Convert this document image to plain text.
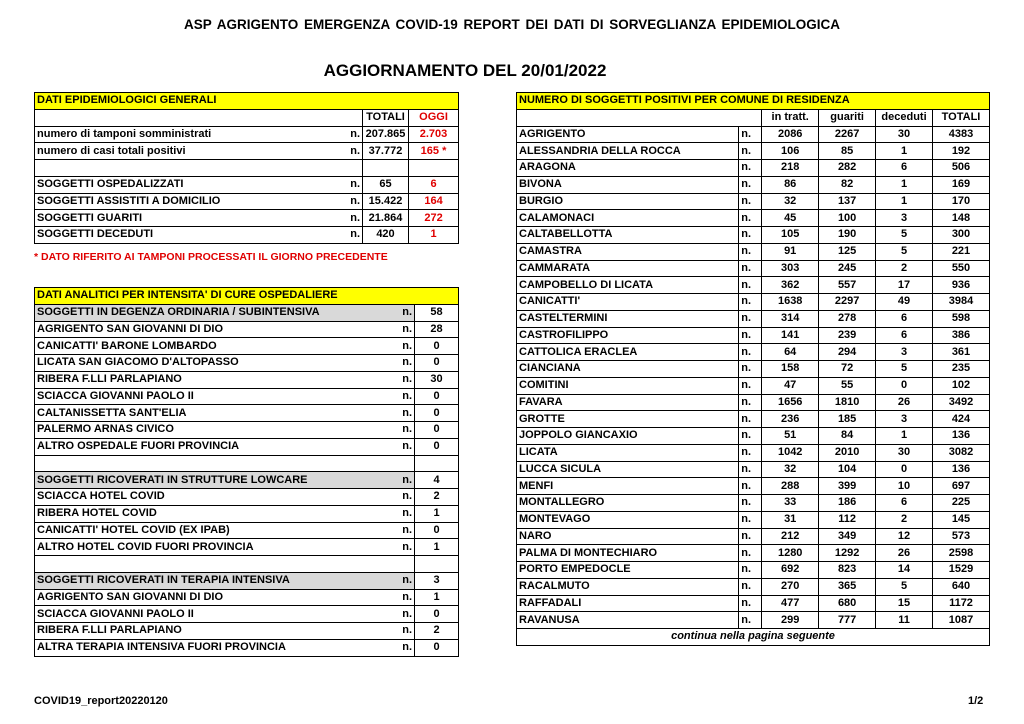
ASP AGRIGENTO EMERGENZA COVID-19 REPORT DEI DATI DI SORVEGLIANZA EPIDEMIOLOGICA
AGGIORNAMENTO DEL 20/01/2022
DATI EPIDEMIOLOGICI GENERALI			
		TOTALI	OGGI
numero di tamponi somministrati	n.	207.865	2.703
numero di casi totali positivi	n.	37.772	165 *

SOGGETTI OSPEDALIZZATI	n.	65	6
SOGGETTI ASSISTITI A DOMICILIO	n.	15.422	164
SOGGETTI GUARITI	n.	21.864	272
SOGGETTI DECEDUTI	n.	420	1
* DATO RIFERITO AI TAMPONI PROCESSATI IL GIORNO PRECEDENTE
DATI ANALITICI PER INTENSITA' DI CURE OSPEDALIERE		
SOGGETTI IN DEGENZA ORDINARIA / SUBINTENSIVA	n.	58
AGRIGENTO SAN GIOVANNI DI DIO	n.	28
CANICATTI' BARONE LOMBARDO	n.	0
LICATA SAN GIACOMO D'ALTOPASSO	n.	0
RIBERA F.LLI PARLAPIANO	n.	30
SCIACCA GIOVANNI PAOLO II	n.	0
CALTANISSETTA SANT'ELIA	n.	0
PALERMO ARNAS CIVICO	n.	0
ALTRO OSPEDALE FUORI PROVINCIA	n.	0

SOGGETTI RICOVERATI IN STRUTTURE LOWCARE	n.	4
SCIACCA HOTEL COVID	n.	2
RIBERA HOTEL COVID	n.	1
CANICATTI' HOTEL COVID (EX IPAB)	n.	0
ALTRO HOTEL COVID FUORI PROVINCIA	n.	1

SOGGETTI RICOVERATI IN TERAPIA INTENSIVA	n.	3
AGRIGENTO SAN GIOVANNI DI DIO	n.	1
SCIACCA GIOVANNI PAOLO II	n.	0
RIBERA F.LLI PARLAPIANO	n.	2
ALTRA TERAPIA INTENSIVA FUORI PROVINCIA	n.	0
NUMERO DI SOGGETTI POSITIVI PER COMUNE DI RESIDENZA					
		in tratt.	guariti	deceduti	TOTALI
AGRIGENTO	n.	2086	2267	30	4383
ALESSANDRIA DELLA ROCCA	n.	106	85	1	192
ARAGONA	n.	218	282	6	506
BIVONA	n.	86	82	1	169
BURGIO	n.	32	137	1	170
CALAMONACI	n.	45	100	3	148
CALTABELLOTTA	n.	105	190	5	300
CAMASTRA	n.	91	125	5	221
CAMMARATA	n.	303	245	2	550
CAMPOBELLO DI LICATA	n.	362	557	17	936
CANICATTI'	n.	1638	2297	49	3984
CASTELTERMINI	n.	314	278	6	598
CASTROFILIPPO	n.	141	239	6	386
CATTOLICA ERACLEA	n.	64	294	3	361
CIANCIANA	n.	158	72	5	235
COMITINI	n.	47	55	0	102
FAVARA	n.	1656	1810	26	3492
GROTTE	n.	236	185	3	424
JOPPOLO GIANCAXIO	n.	51	84	1	136
LICATA	n.	1042	2010	30	3082
LUCCA SICULA	n.	32	104	0	136
MENFI	n.	288	399	10	697
MONTALLEGRO	n.	33	186	6	225
MONTEVAGO	n.	31	112	2	145
NARO	n.	212	349	12	573
PALMA DI MONTECHIARO	n.	1280	1292	26	2598
PORTO EMPEDOCLE	n.	692	823	14	1529
RACALMUTO	n.	270	365	5	640
RAFFADALI	n.	477	680	15	1172
RAVANUSA	n.	299	777	11	1087
continua nella pagina seguente					
COVID19_report20220120	1/2
